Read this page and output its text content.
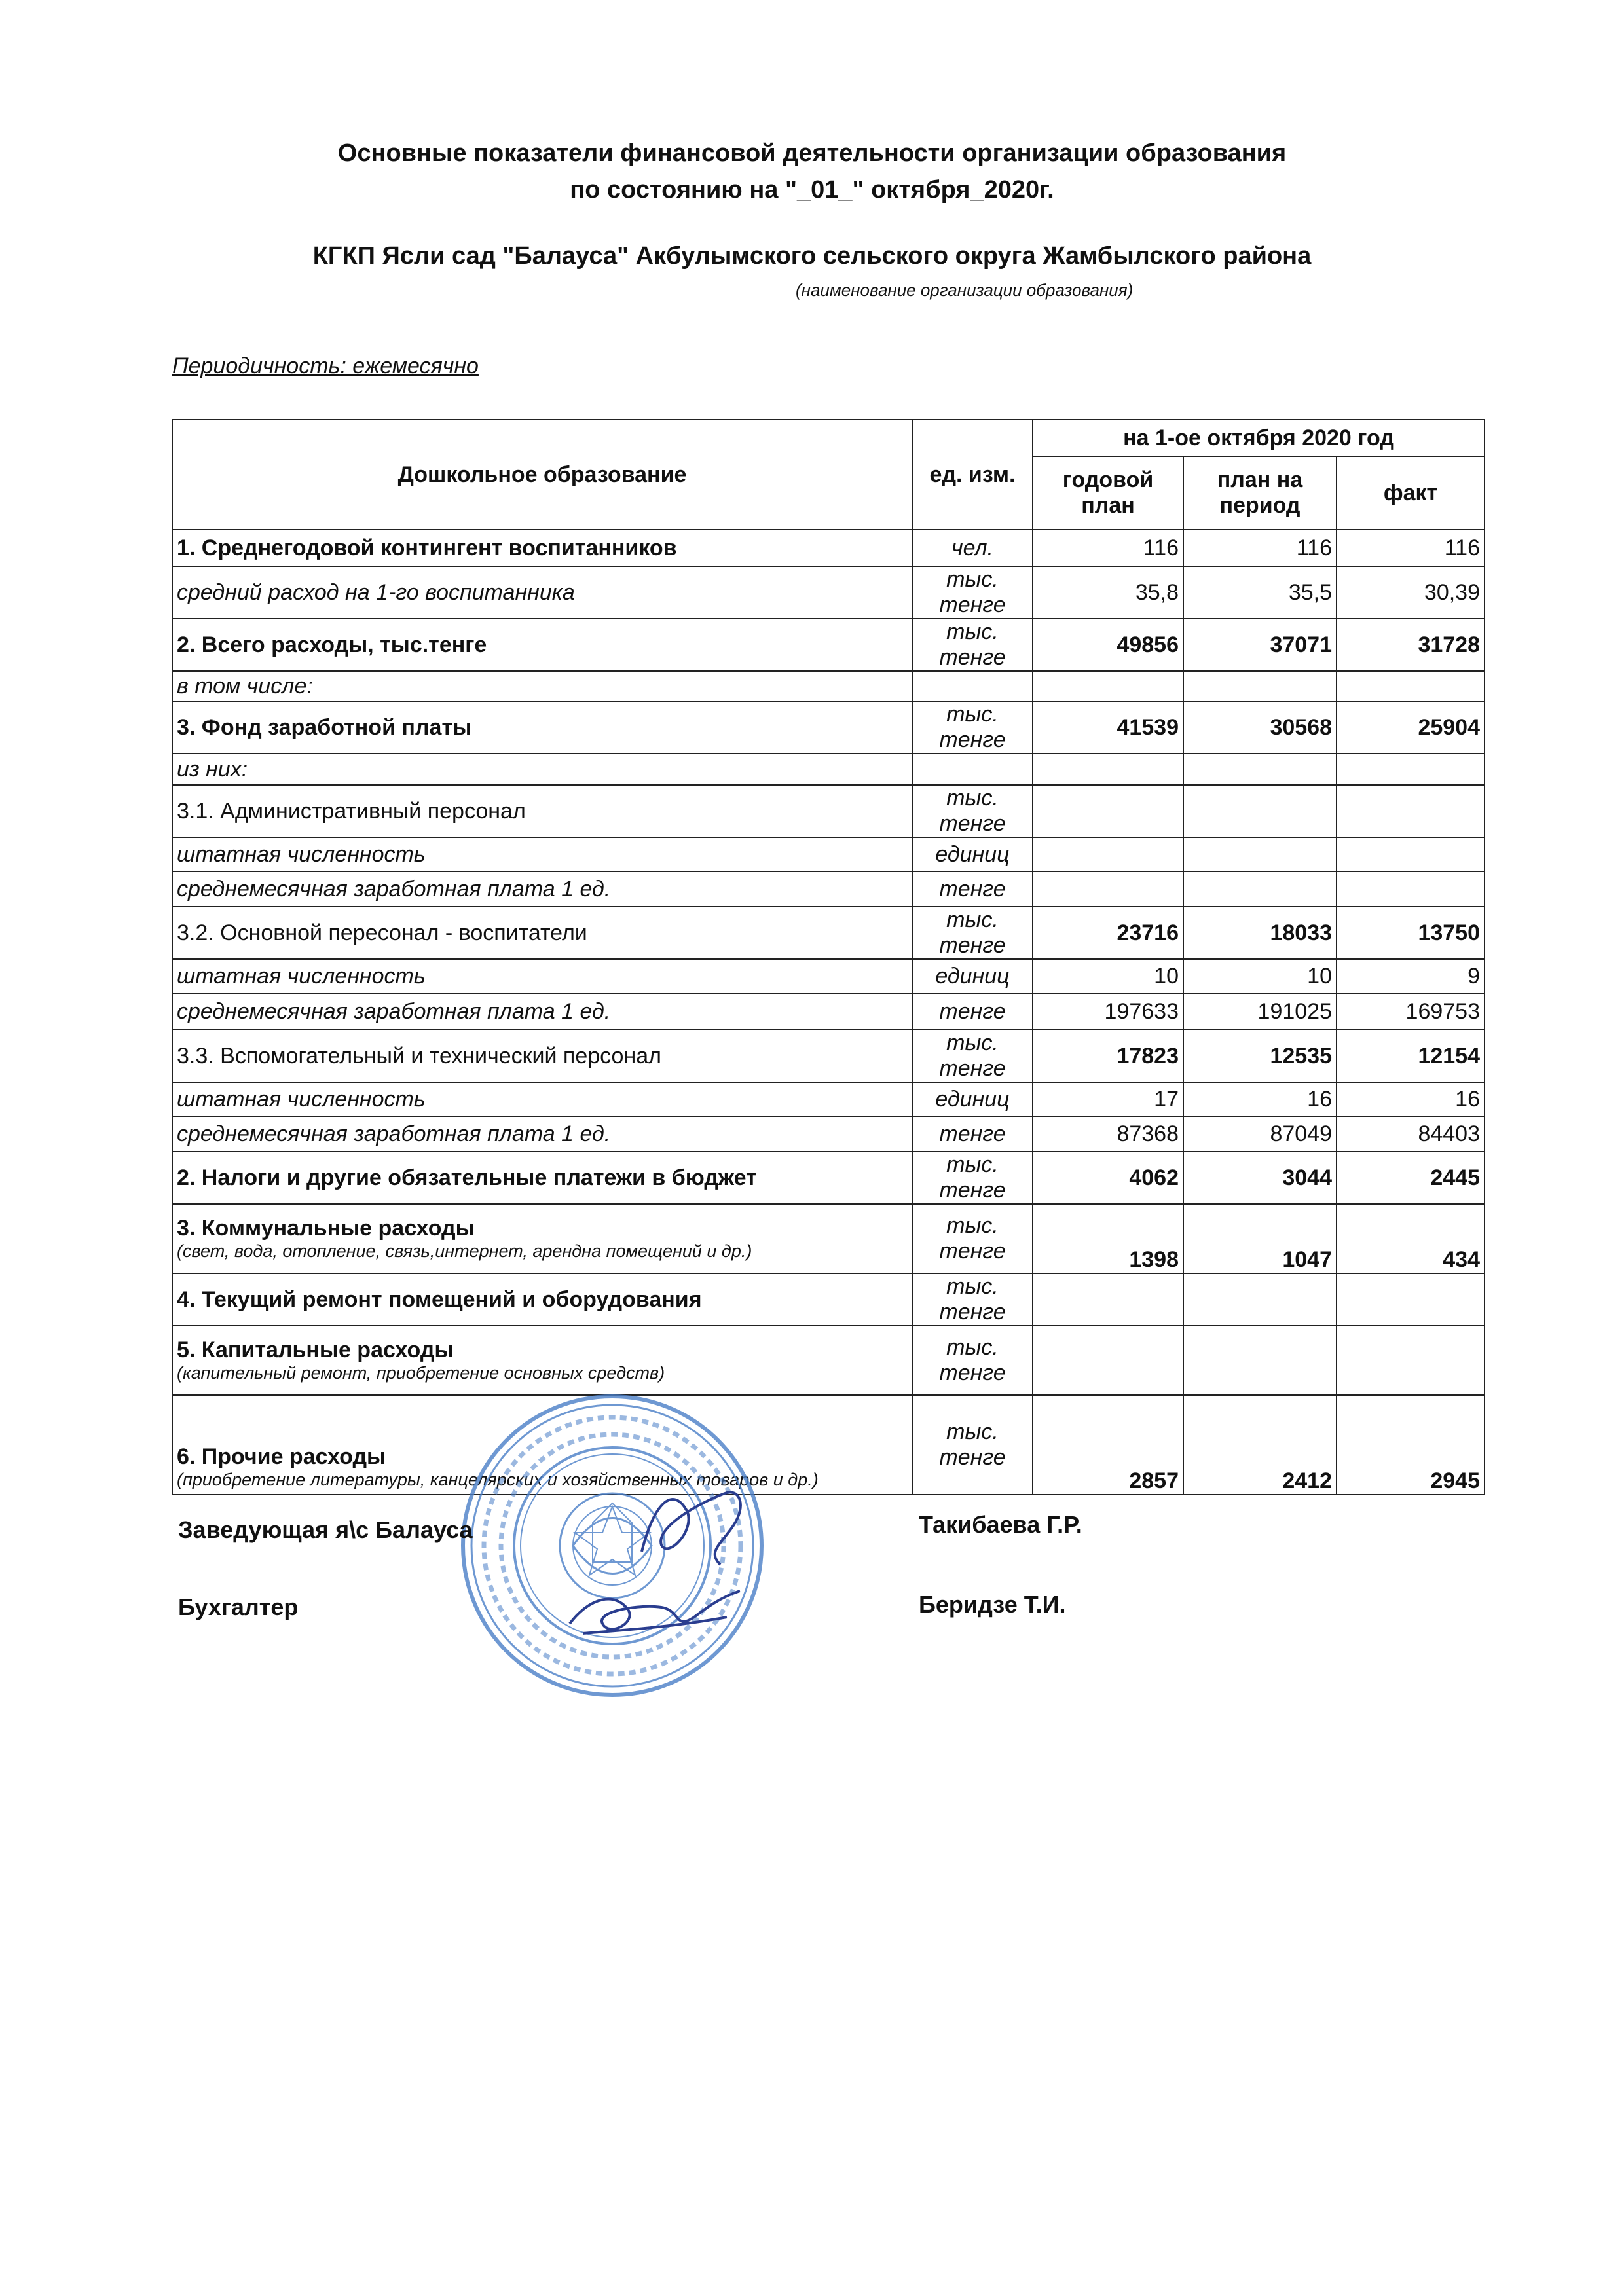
Основные показатели финансовой деятельности организации образования
по состоянию на "_01_" октября_2020г.
КГКП Ясли сад "Балауса" Акбулымского сельского округа Жамбылского района
(наименование организации образования)
Периодичность: ежемесячно
Дошкольное образование	ед. изм.	на 1-ое октября 2020 год		
		годовой план	план на период	факт
1. Среднегодовой контингент воспитанников	чел.	116	116	116
средний расход на 1-го воспитанника	тыс. тенге	35,8	35,5	30,39
2. Всего расходы, тыс.тенге	тыс. тенге	49856	37071	31728
в том числе:				
3. Фонд заработной платы	тыс. тенге	41539	30568	25904
из них:				
3.1. Административный персонал	тыс. тенге			
штатная численность	единиц			
среднемесячная заработная плата 1 ед.	тенге			
3.2. Основной пересонал - воспитатели	тыс. тенге	23716	18033	13750
штатная численность	единиц	10	10	9
среднемесячная заработная плата 1 ед.	тенге	197633	191025	169753
3.3. Вспомогательный и технический персонал	тыс. тенге	17823	12535	12154
штатная численность	единиц	17	16	16
среднемесячная заработная плата 1 ед.	тенге	87368	87049	84403
2. Налоги и другие обязательные платежи в бюджет	тыс. тенге	4062	3044	2445
3. Коммунальные расходы
(свет, вода, отопление, связь,интернет, арендна помещений и др.)	тыс. тенге	1398	1047	434
4. Текущий ремонт помещений и оборудования	тыс. тенге			
5. Капитальные расходы
(капительный ремонт, приобретение основных средств)	тыс. тенге			
6. Прочие расходы
(приобретение литературы, канцелярских и хозяйственных товаров и др.)	тыс. тенге	2857	2412	2945
Заведующая я\с Балауса	Такибаева Г.Р.
Бухгалтер	Беридзе Т.И.
